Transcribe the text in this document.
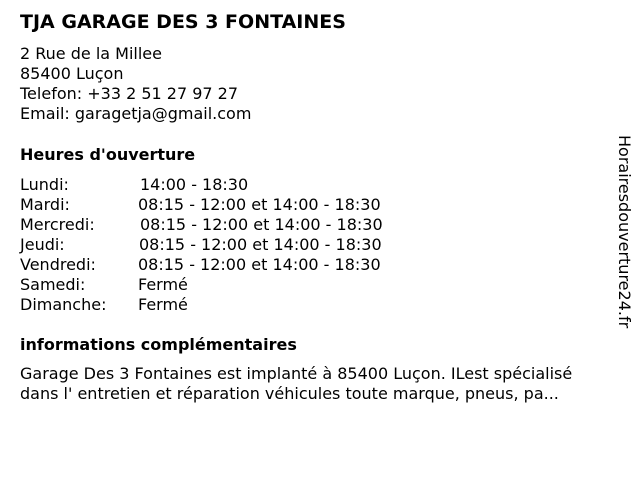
TJA GARAGE DES 3 FONTAINES
2 Rue de la Millee
85400 Luçon
Telefon: +33 2 51 27 97 27
Email: garagetja@gmail.com
Heures d'ouverture
Lundi:	14:00 - 18:30
Mardi:	08:15 - 12:00 et 14:00 - 18:30
Mercredi:	08:15 - 12:00 et 14:00 - 18:30
Jeudi:	08:15 - 12:00 et 14:00 - 18:30
Vendredi:	08:15 - 12:00 et 14:00 - 18:30
Samedi:	Fermé
Dimanche: Fermé
informations complémentaires
Garage Des 3 Fontaines est implanté à 85400 Luçon. ILest spécialisé
dans l' entretien et réparation véhicules toute marque, pneus, pa...
Horairesdouverture24.fr
